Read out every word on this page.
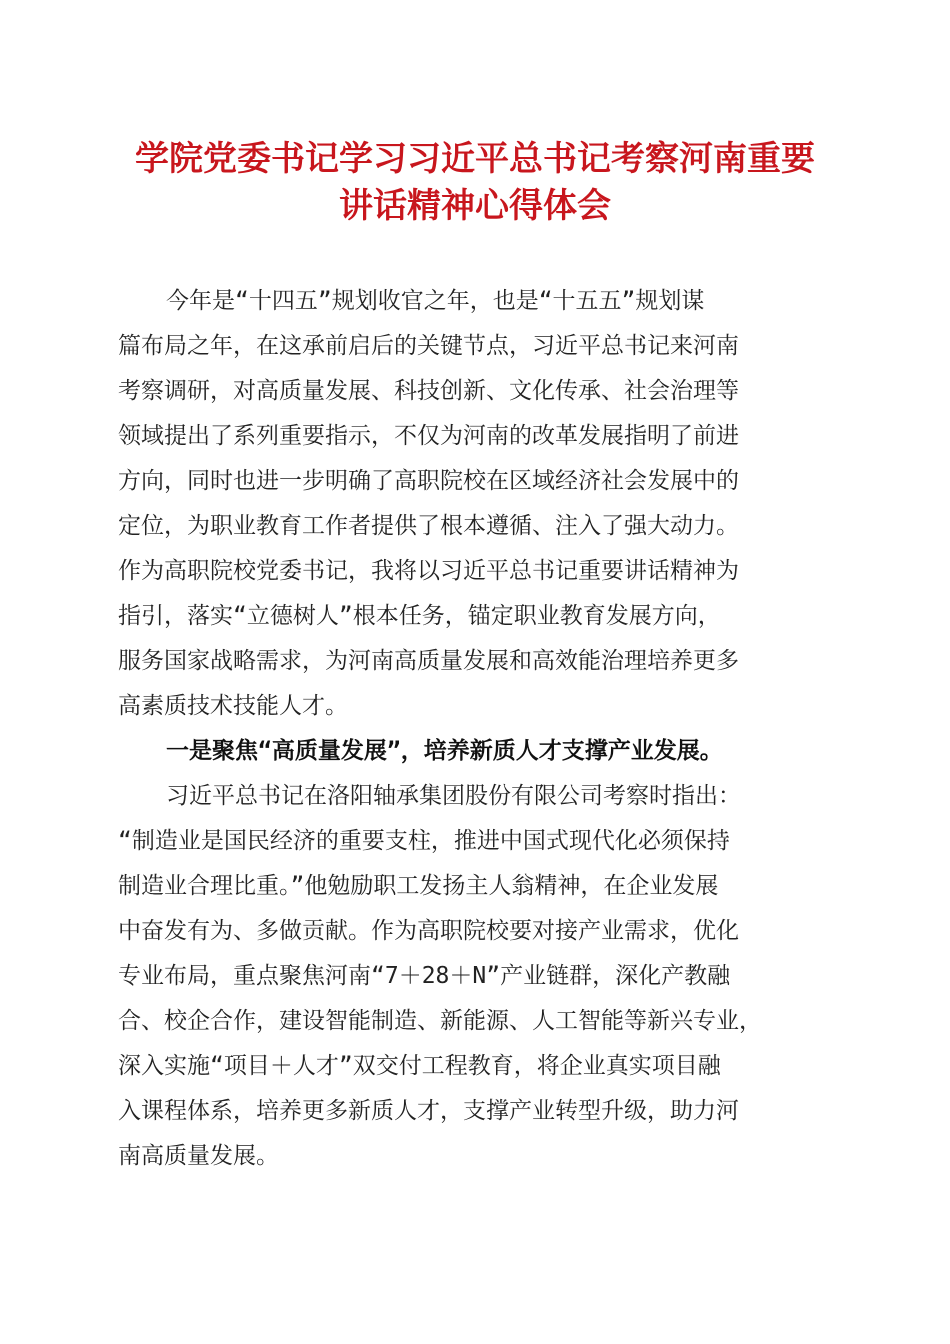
学院党委书记学习习近平总书记考察河南重要
讲话精神心得体会
今年是“十四五”规划收官之年，也是“十五五”规划谋
篇布局之年，在这承前启后的关键节点，习近平总书记来河南
考察调研，对高质量发展、科技创新、文化传承、社会治理等
领域提出了系列重要指示，不仅为河南的改革发展指明了前进
方向，同时也进一步明确了高职院校在区域经济社会发展中的
定位，为职业教育工作者提供了根本遵循、注入了强大动力。
作为高职院校党委书记，我将以习近平总书记重要讲话精神为
指引，落实“立德树人”根本任务，锚定职业教育发展方向，
服务国家战略需求，为河南高质量发展和高效能治理培养更多
高素质技术技能人才。
一是聚焦“高质量发展”，培养新质人才支撑产业发展。
习近平总书记在洛阳轴承集团股份有限公司考察时指出：
“制造业是国民经济的重要支柱，推进中国式现代化必须保持
制造业合理比重。”他勉励职工发扬主人翁精神，在企业发展
中奋发有为、多做贡献。作为高职院校要对接产业需求，优化
专业布局，重点聚焦河南“7＋28＋N”产业链群，深化产教融
合、校企合作，建设智能制造、新能源、人工智能等新兴专业，
深入实施“项目＋人才”双交付工程教育，将企业真实项目融
入课程体系，培养更多新质人才，支撑产业转型升级，助力河
南高质量发展。
